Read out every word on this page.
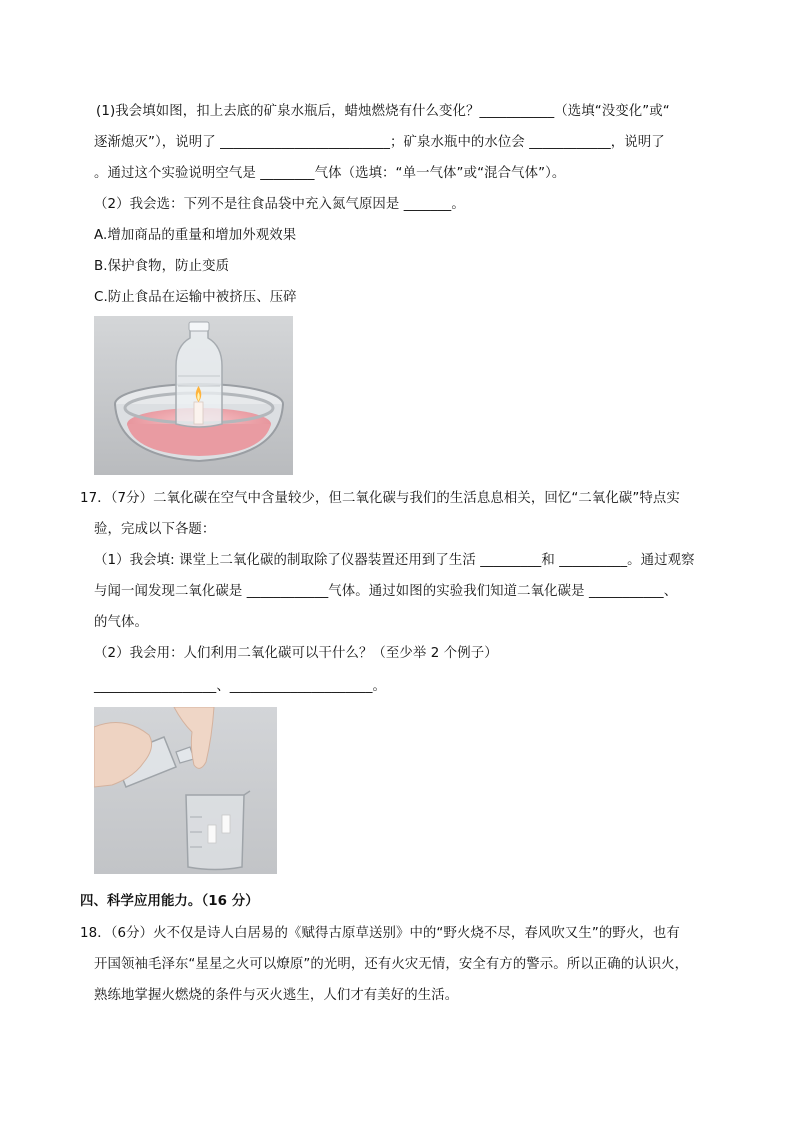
(1)我会填如图，扣上去底的矿泉水瓶后，蜡烛燃烧有什么变化？___________（选填“没变化”或“
逐渐熄灭”），说明了 _________________________；矿泉水瓶中的水位会 ____________，说明了
。通过这个实验说明空气是 ________气体（选填：“单一气体”或“混合气体”）。
（2）我会选：下列不是往食品袋中充入氮气原因是 _______。
A.增加商品的重量和增加外观效果
B.保护食物，防止变质
C.防止食品在运输中被挤压、压碎
17．（7分）二氧化碳在空气中含量较少，但二氧化碳与我们的生活息息相关，回忆“二氧化碳”特点实
验，完成以下各题：
（1）我会填: 课堂上二氧化碳的制取除了仪器装置还用到了生活 _________和 __________。通过观察
与闻一闻发现二氧化碳是 ____________气体。通过如图的实验我们知道二氧化碳是 ___________、
的气体。
（2）我会用：人们利用二氧化碳可以干什么？（至少举 2 个例子）
__________________、_____________________。
四、科学应用能力。（16 分）
18．（6分）火不仅是诗人白居易的《赋得古原草送别》中的“野火烧不尽，春风吹又生”的野火，也有
开国领袖毛泽东“星星之火可以燎原”的光明，还有火灾无情，安全有方的警示。所以正确的认识火，
熟练地掌握火燃烧的条件与灭火逃生，人们才有美好的生活。
